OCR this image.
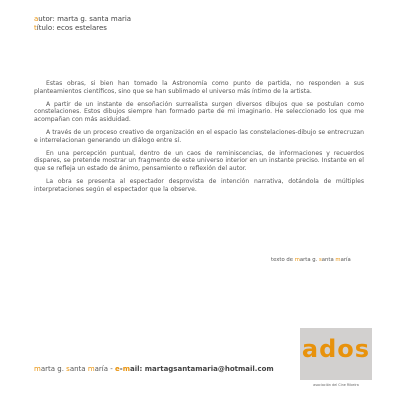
autor: marta g. santa maria
título: ecos estelares

Estas obras, si bien han tomado la Astronomía como punto de partida, no responden a sus planteamientos científicos, sino que se han sublimado el universo más íntimo de la artista.

A partir de un instante de ensoñación surrealista surgen diversos dibujos que se postulan como constelaciones. Estos dibujos siempre han formado parte de mi imaginario. He seleccionado los que me acompañan con más asiduidad.

A través de un proceso creativo de organización en el espacio las constelaciones-dibujo se entrecruzan e interrelacionan generando un diálogo entre sí.

En una percepción puntual, dentro de un caos de reminiscencias, de informaciones y recuerdos dispares, se pretende mostrar un fragmento de este universo interior en un instante preciso. Instante en el que se refleja un estado de ánimo, pensamiento o reflexión del autor.

La obra se presenta al espectador desprovista de intención narrativa, dotándola de múltiples interpretaciones según el espectador que la observe.

texto de marta g. santa maría
marta g. santa maría - e-mail: martagsantamaria@hotmail.com
ados
asociación del Cine Ribeira
